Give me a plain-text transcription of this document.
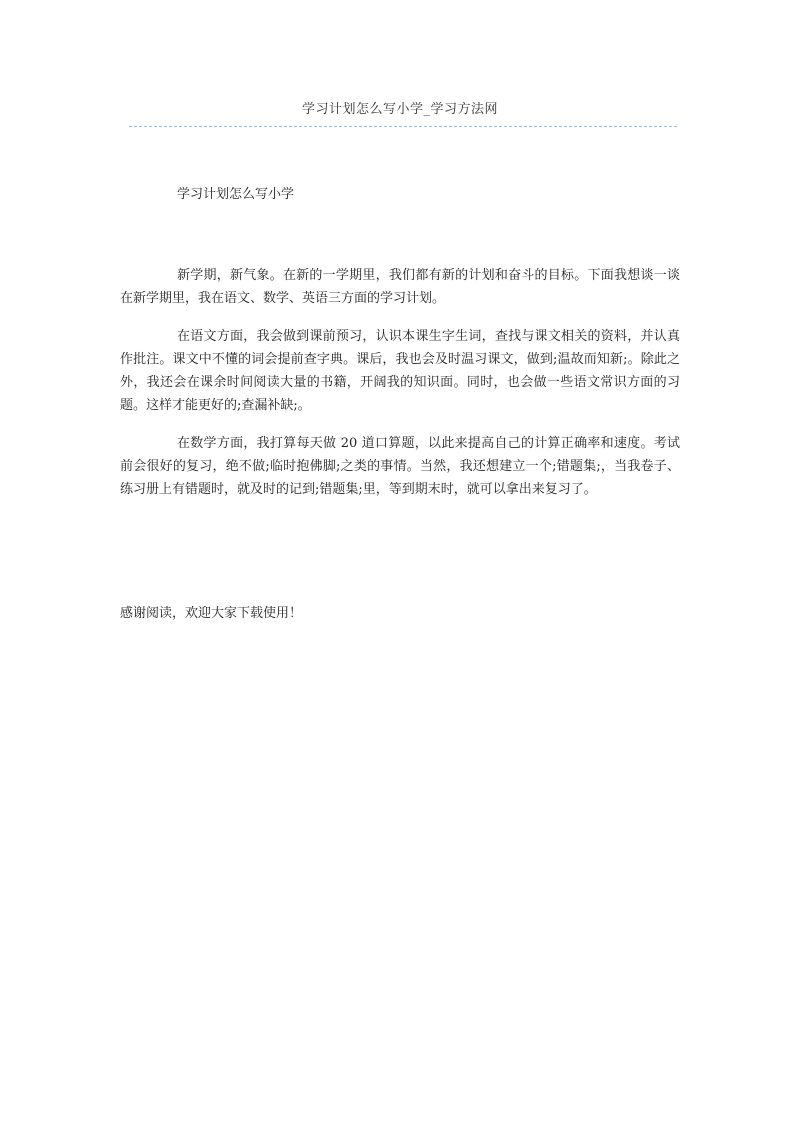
学习计划怎么写小学_学习方法网
学习计划怎么写小学

新学期，新气象。在新的一学期里，我们都有新的计划和奋斗的目标。下面我想谈一谈在新学期里，我在语文、数学、英语三方面的学习计划。

在语文方面，我会做到课前预习，认识本课生字生词，查找与课文相关的资料，并认真作批注。课文中不懂的词会提前查字典。课后，我也会及时温习课文，做到;温故而知新;。除此之外，我还会在课余时间阅读大量的书籍，开阔我的知识面。同时，也会做一些语文常识方面的习题。这样才能更好的;查漏补缺;。

在数学方面，我打算每天做 20 道口算题，以此来提高自己的计算正确率和速度。考试前会很好的复习，绝不做;临时抱佛脚;之类的事情。当然，我还想建立一个;错题集;，当我卷子、练习册上有错题时，就及时的记到;错题集;里，等到期末时，就可以拿出来复习了。

感谢阅读，欢迎大家下载使用！
